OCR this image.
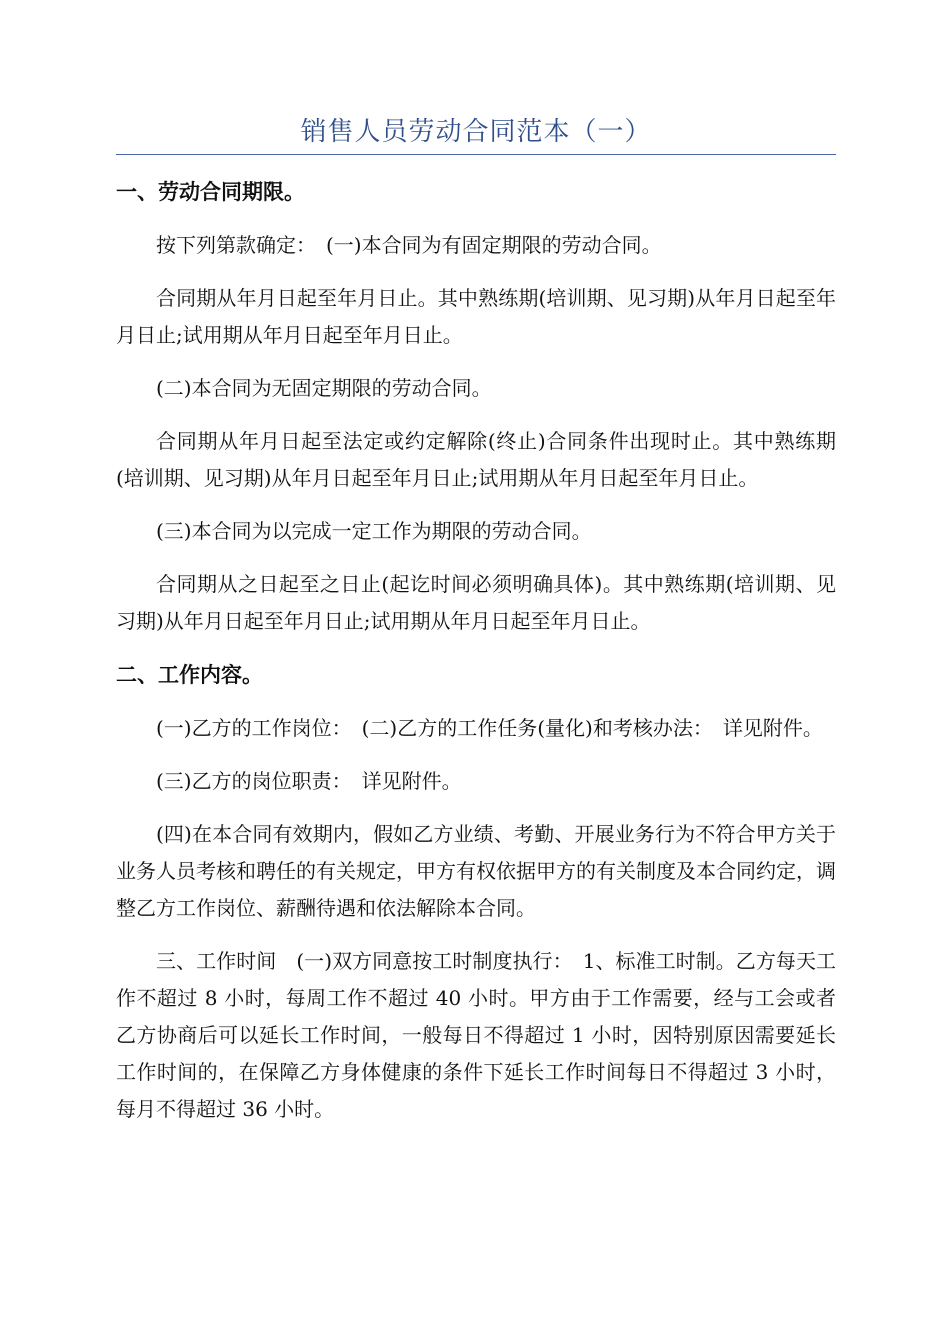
销售人员劳动合同范本（一）
一、劳动合同期限。

按下列第款确定：　(一)本合同为有固定期限的劳动合同。

合同期从年月日起至年月日止。其中熟练期(培训期、见习期)从年月日起至年月日止;试用期从年月日起至年月日止。

(二)本合同为无固定期限的劳动合同。

合同期从年月日起至法定或约定解除(终止)合同条件出现时止。其中熟练期(培训期、见习期)从年月日起至年月日止;试用期从年月日起至年月日止。

(三)本合同为以完成一定工作为期限的劳动合同。

合同期从之日起至之日止(起讫时间必须明确具体)。其中熟练期(培训期、见习期)从年月日起至年月日止;试用期从年月日起至年月日止。

二、工作内容。

(一)乙方的工作岗位：　(二)乙方的工作任务(量化)和考核办法：　详见附件。

(三)乙方的岗位职责：　详见附件。

(四)在本合同有效期内，假如乙方业绩、考勤、开展业务行为不符合甲方关于业务人员考核和聘任的有关规定，甲方有权依据甲方的有关制度及本合同约定，调整乙方工作岗位、薪酬待遇和依法解除本合同。

三、工作时间　(一)双方同意按工时制度执行：　1、标准工时制。乙方每天工作不超过 8 小时，每周工作不超过 40 小时。甲方由于工作需要，经与工会或者乙方协商后可以延长工作时间，一般每日不得超过 1 小时，因特别原因需要延长工作时间的，在保障乙方身体健康的条件下延长工作时间每日不得超过 3 小时，每月不得超过 36 小时。
